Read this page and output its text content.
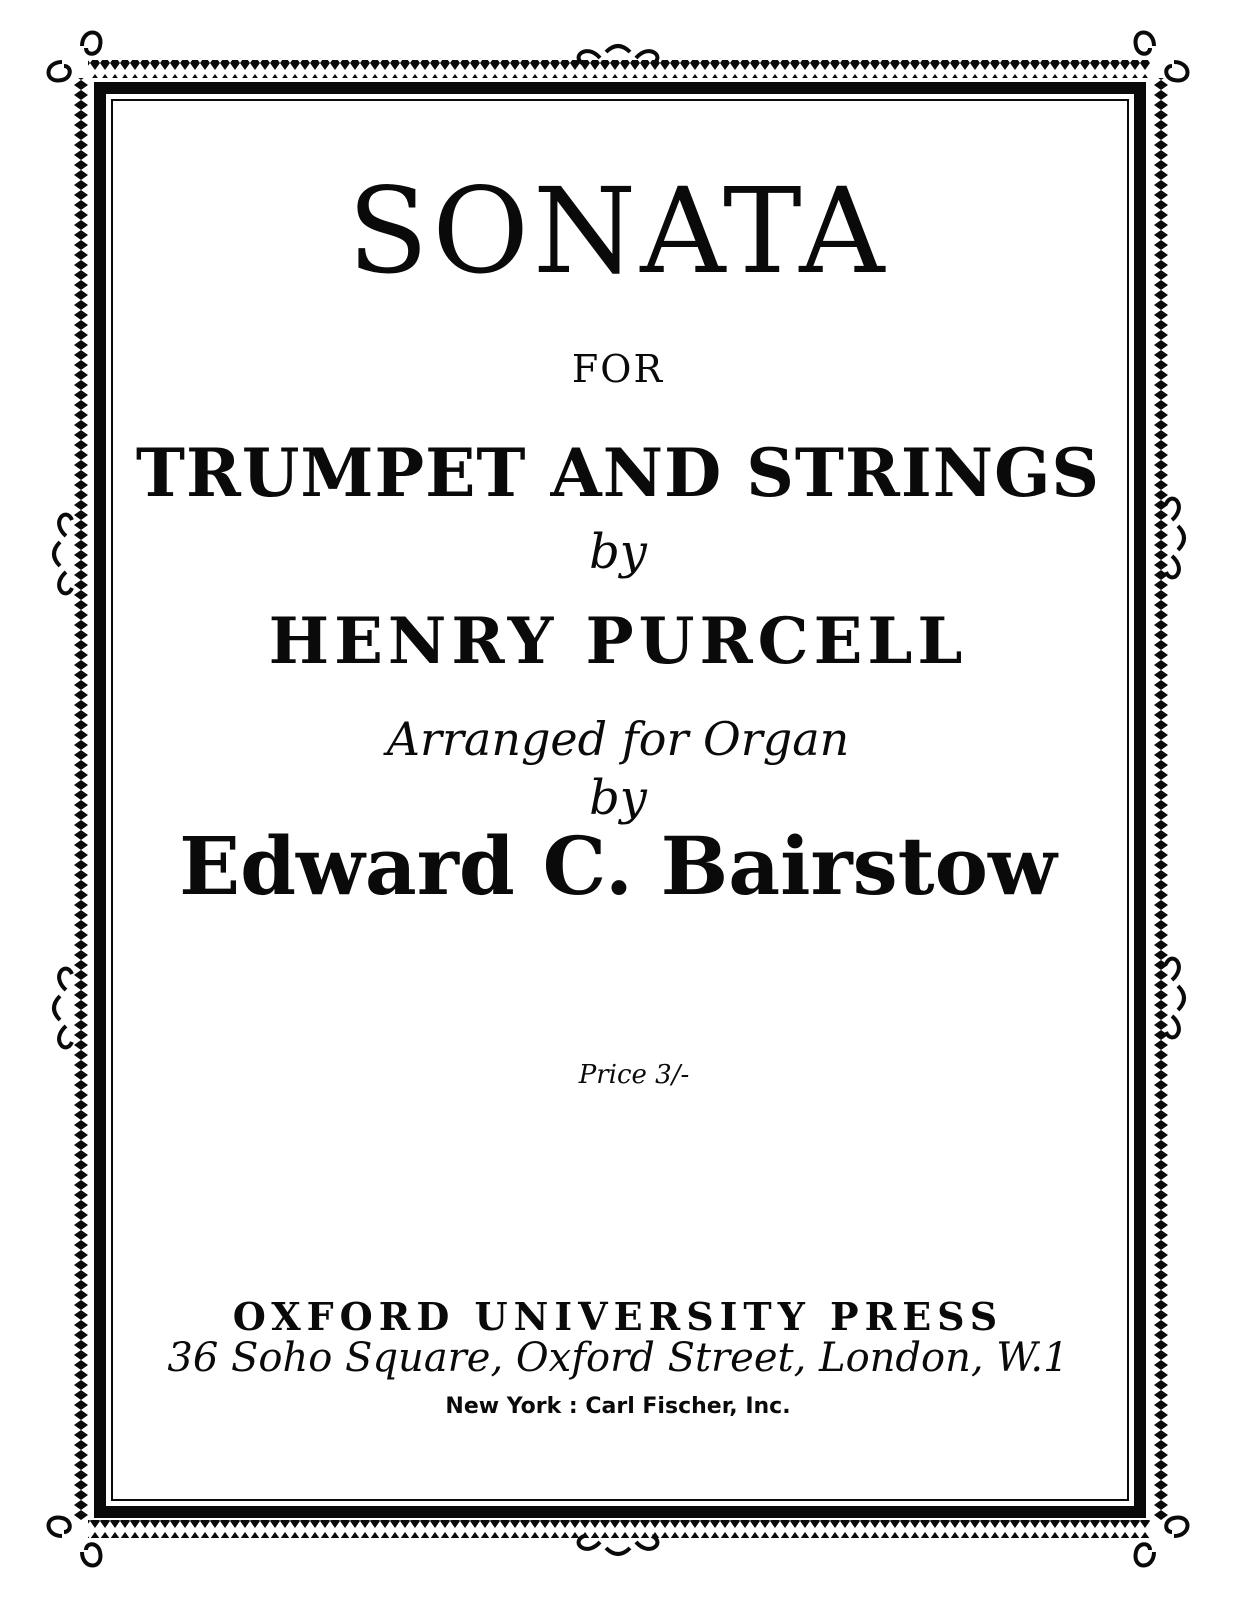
SONATA
FOR
TRUMPET AND STRINGS
by
HENRY PURCELL
Arranged for Organ
by
Edward C. Bairstow
Price 3/-
OXFORD UNIVERSITY PRESS
36 Soho Square, Oxford Street, London, W.1
New York : Carl Fischer, Inc.
